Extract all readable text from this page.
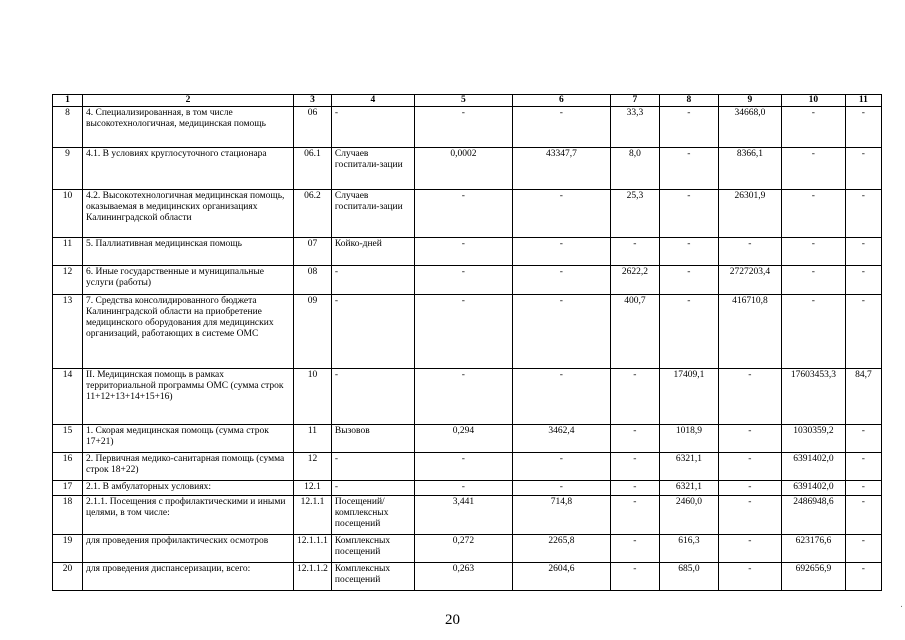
1	2	3	4	5	6	7	8	9	10	11
8	4. Специализированная, в том числе высокотехнологичная, медицинская помощь	06	-	-	-	33,3	-	34668,0	-	-
9	4.1. В условиях круглосуточного стационара	06.1	Случаев госпитали-зации	0,0002	43347,7	8,0	-	8366,1	-	-
10	4.2. Высокотехнологичная медицинская помощь, оказываемая в медицинских организациях Калининградской области	06.2	Случаев госпитали-зации	-	-	25,3	-	26301,9	-	-
11	5. Паллиативная медицинская помощь	07	Койко-дней	-	-	-	-	-	-	-
12	6. Иные государственные и муниципальные услуги (работы)	08	-	-	-	2622,2	-	2727203,4	-	-
13	7. Средства консолидированного бюджета Калининградской области на приобретение медицинского оборудования для медицинских организаций, работающих в системе ОМС	09	-	-	-	400,7	-	416710,8	-	-
14	II. Медицинская помощь в рамках территориальной программы ОМС (сумма строк 11+12+13+14+15+16)	10	-	-	-	-	17409,1	-	17603453,3	84,7
15	1. Скорая медицинская помощь (сумма строк 17+21)	11	Вызовов	0,294	3462,4	-	1018,9	-	1030359,2	-
16	2. Первичная медико-санитарная помощь (сумма строк 18+22)	12	-	-	-	-	6321,1	-	6391402,0	-
17	2.1. В амбулаторных условиях:	12.1	-	-	-	-	6321,1	-	6391402,0	-
18	2.1.1. Посещения с профилактическими и иными целями, в том числе:	12.1.1	Посещений/ комплексных посещений	3,441	714,8	-	2460,0	-	2486948,6	-
19	для проведения профилактических осмотров	12.1.1.1	Комплексных посещений	0,272	2265,8	-	616,3	-	623176,6	-
20	для проведения диспансеризации, всего:	12.1.1.2	Комплексных посещений	0,263	2604,6	-	685,0	-	692656,9	-
20
.
